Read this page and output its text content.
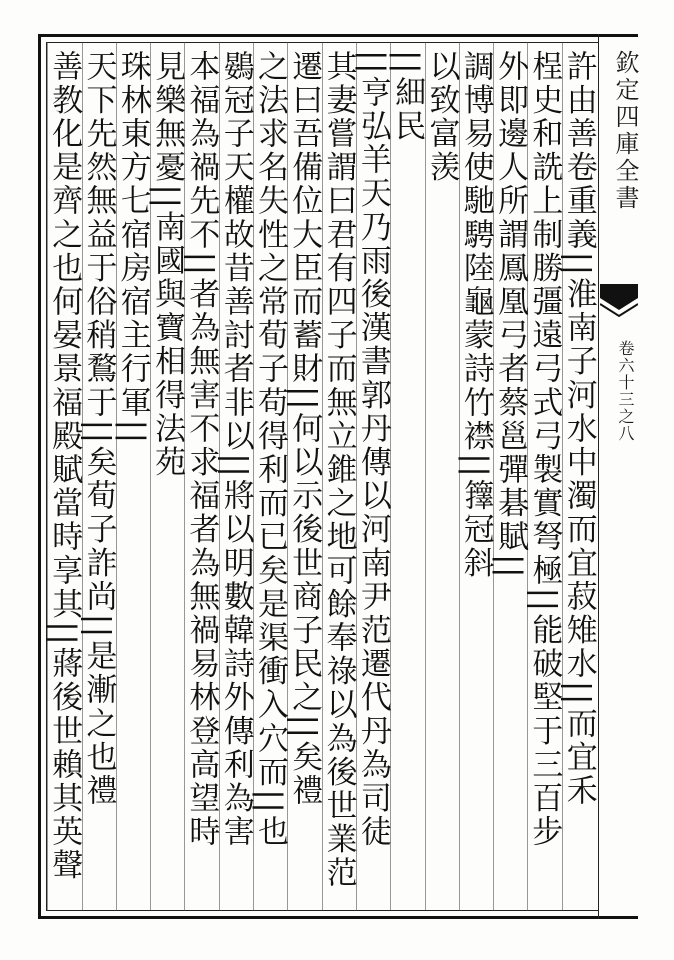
欽定四庫全書
卷六十三之八
許由善卷重義||淮南子河水中濁而宜菽雉水||而宜禾
桯史和詵上制勝彊遠弓式弓製實弩極||能破堅于三百步
外即邊人所謂鳳凰弓者蔡邕彈碁賦||
調博易使馳騁陸龜蒙詩竹襟||籜冠斜
以致富羡
||細民
||亨弘羊天乃雨後漢書郭丹傳以河南尹范遷代丹為司徒
其妻嘗謂曰君有四子而無立錐之地可餘奉祿以為後世業范
遷曰吾備位大臣而蓄財||何以示後世商子民之||矣禮
之法求名失性之常荀子苟得利而已矣是渠衝入穴而||也
鷃冠子天權故昔善討者非以||將以明數韓詩外傳利為害
本福為禍先不||者為無害不求福者為無禍易林登高望時
見樂無憂||南國與寶相得法苑
珠林東方七宿房宿主行軍||
天下先然無益于俗稍鶩于||矣荀子詐尚||是漸之也禮
善教化是齊之也何晏景福殿賦當時享其||蔣後世賴其英聲
